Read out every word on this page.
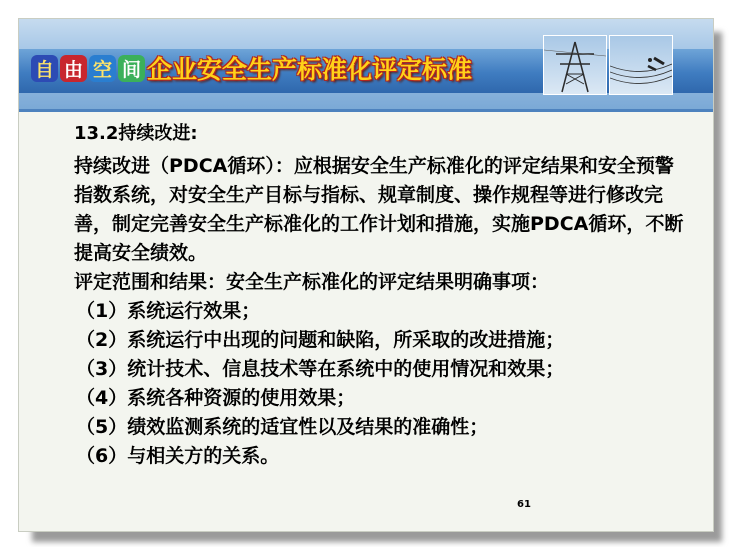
自 由 空 间 企业安全生产标准化评定标准

13.2持续改进:

持续改进（PDCA循环）：应根据安全生产标准化的评定结果和安全预警指数系统，对安全生产目标与指标、规章制度、操作规程等进行修改完善，制定完善安全生产标准化的工作计划和措施，实施PDCA循环，不断提高安全绩效。

评定范围和结果：安全生产标准化的评定结果明确事项：

（1）系统运行效果；

（2）系统运行中出现的问题和缺陷，所采取的改进措施；

（3）统计技术、信息技术等在系统中的使用情况和效果；

（4）系统各种资源的使用效果；

（5）绩效监测系统的适宜性以及结果的准确性；

（6）与相关方的关系。

61
